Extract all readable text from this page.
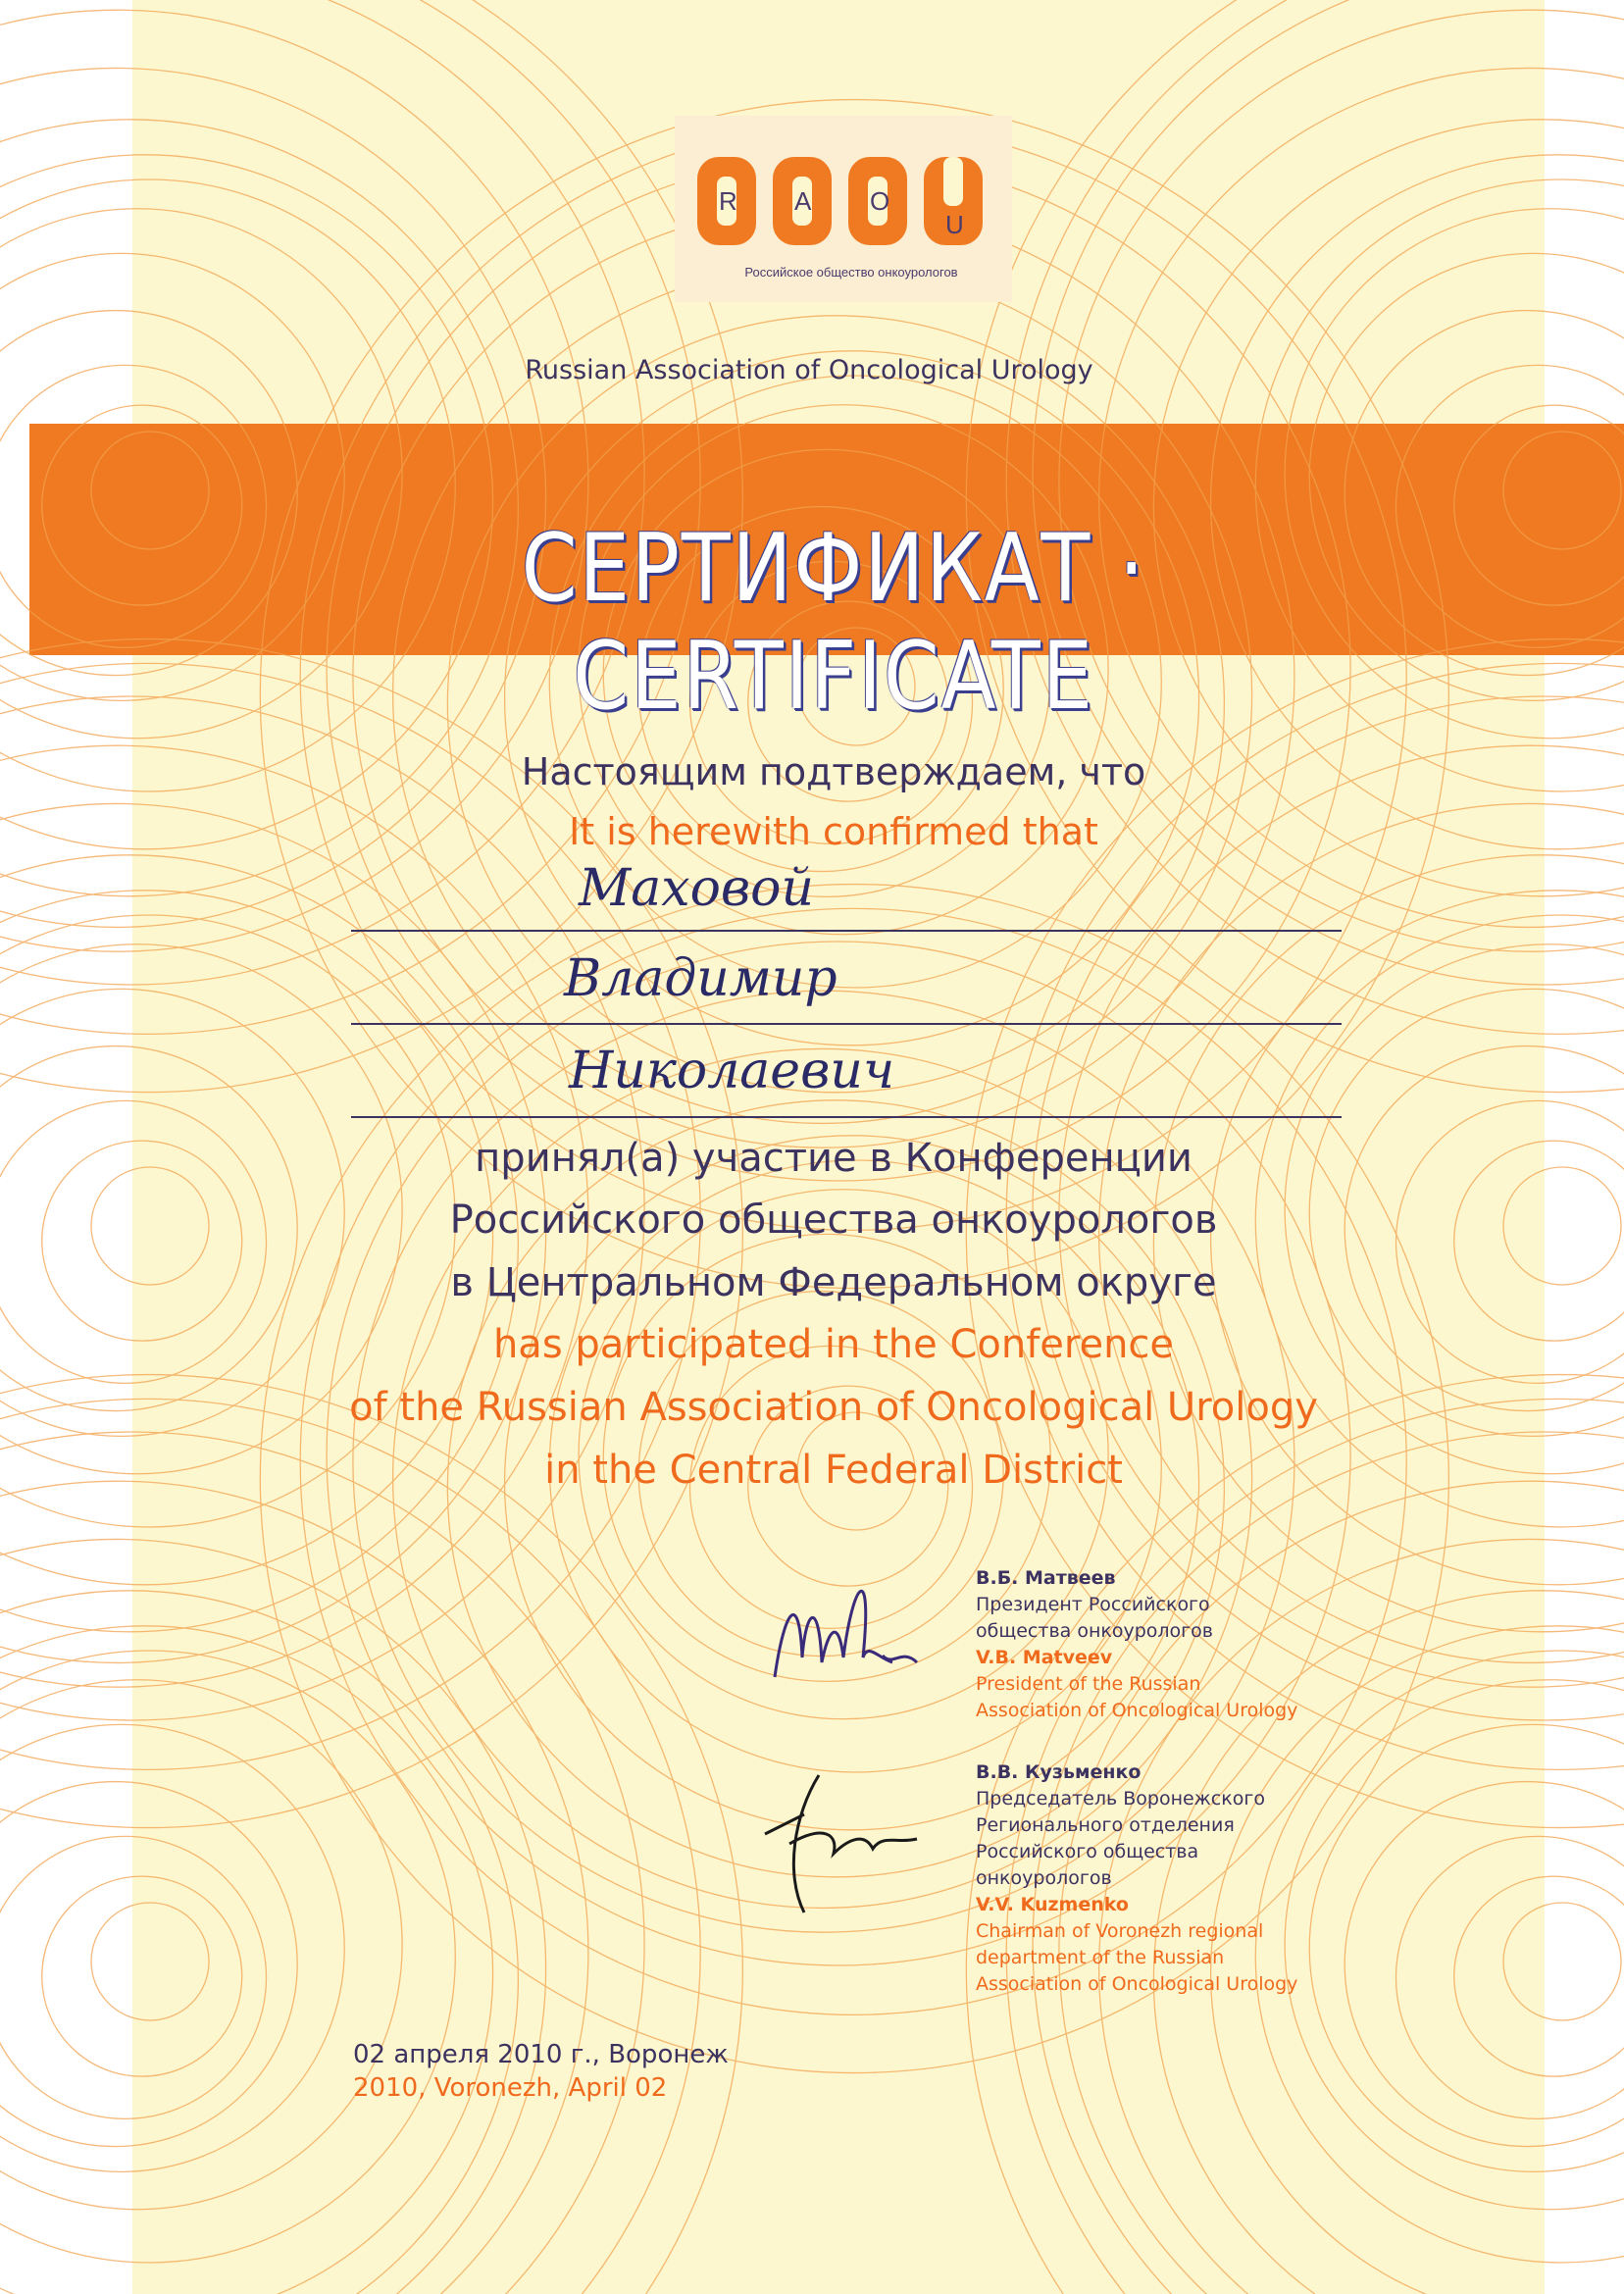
R A O
U
Российское общество онкоурологов
Russian Association of Oncological Urology
СЕРТИФИКАТ · CERTIFICATE
Настоящим подтверждаем, что
It is herewith confirmed that
Маховой
Владимир
Николаевич
принял(а) участие в Конференции
Российского общества онкоурологов
в Центральном Федеральном округе
has participated in the Conference
of the Russian Association of Oncological Urology
in the Central Federal District
В.Б. Матвеев
Президент Российского
общества онкоурологов
V.B. Matveev
President of the Russian
Association of Oncological Urology
В.В. Кузьменко
Председатель Воронежского
Регионального отделения
Российского общества
онкоурологов
V.V. Kuzmenko
Chairman of Voronezh regional
department of the Russian
Association of Oncological Urology
02 апреля 2010 г., Воронеж
2010, Voronezh, April 02
